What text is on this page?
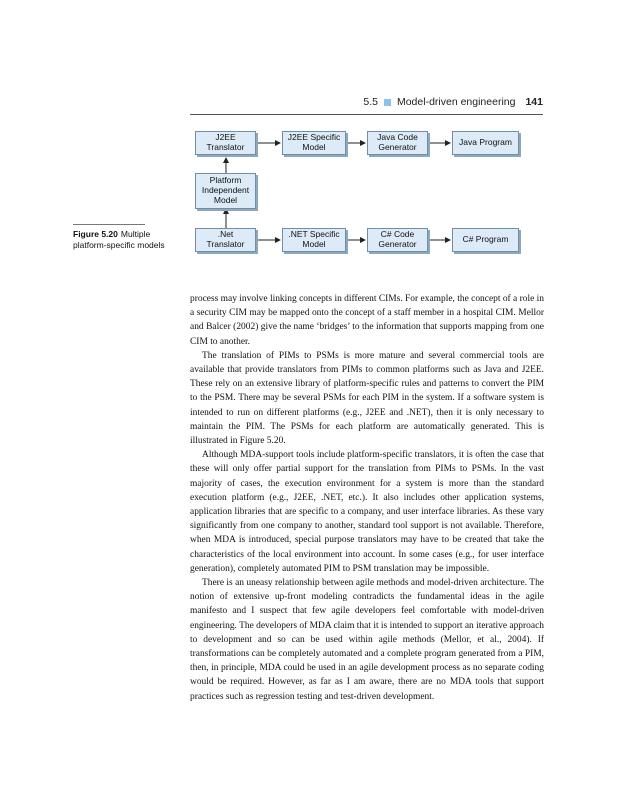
5.5 Model-driven engineering 141
J2EE Translator
J2EE Specific
Model
Java Code
Generator	Java Program
Platform
Independent
Model
.Net Translator
.NET Specific
Model
C# Code
Generator	C# Program
Figure 5.20 Multiple platform-specific models

process may involve linking concepts in different CIMs. For example, the concept of a role in a security CIM may be mapped onto the concept of a staff member in a hospital CIM. Mellor and Balcer (2002) give the name ‘bridges’ to the information that supports mapping from one CIM to another.

The translation of PIMs to PSMs is more mature and several commercial tools are available that provide translators from PIMs to common platforms such as Java and J2EE. These rely on an extensive library of platform-specific rules and patterns to convert the PIM to the PSM. There may be several PSMs for each PIM in the system. If a software system is intended to run on different platforms (e.g., J2EE and .NET), then it is only necessary to maintain the PIM. The PSMs for each platform are automatically generated. This is illustrated in Figure 5.20.

Although MDA-support tools include platform-specific translators, it is often the case that these will only offer partial support for the translation from PIMs to PSMs. In the vast majority of cases, the execution environment for a system is more than the standard execution platform (e.g., J2EE, .NET, etc.). It also includes other application systems, application libraries that are specific to a company, and user interface libraries. As these vary significantly from one company to another, standard tool support is not available. Therefore, when MDA is introduced, special purpose translators may have to be created that take the characteristics of the local environment into account. In some cases (e.g., for user interface generation), completely automated PIM to PSM translation may be impossible.

There is an uneasy relationship between agile methods and model-driven architecture. The notion of extensive up-front modeling contradicts the fundamental ideas in the agile manifesto and I suspect that few agile developers feel comfortable with model-driven engineering. The developers of MDA claim that it is intended to support an iterative approach to development and so can be used within agile methods (Mellor, et al., 2004). If transformations can be completely automated and a complete program generated from a PIM, then, in principle, MDA could be used in an agile development process as no separate coding would be required. However, as far as I am aware, there are no MDA tools that support practices such as regression testing and test-driven development.
